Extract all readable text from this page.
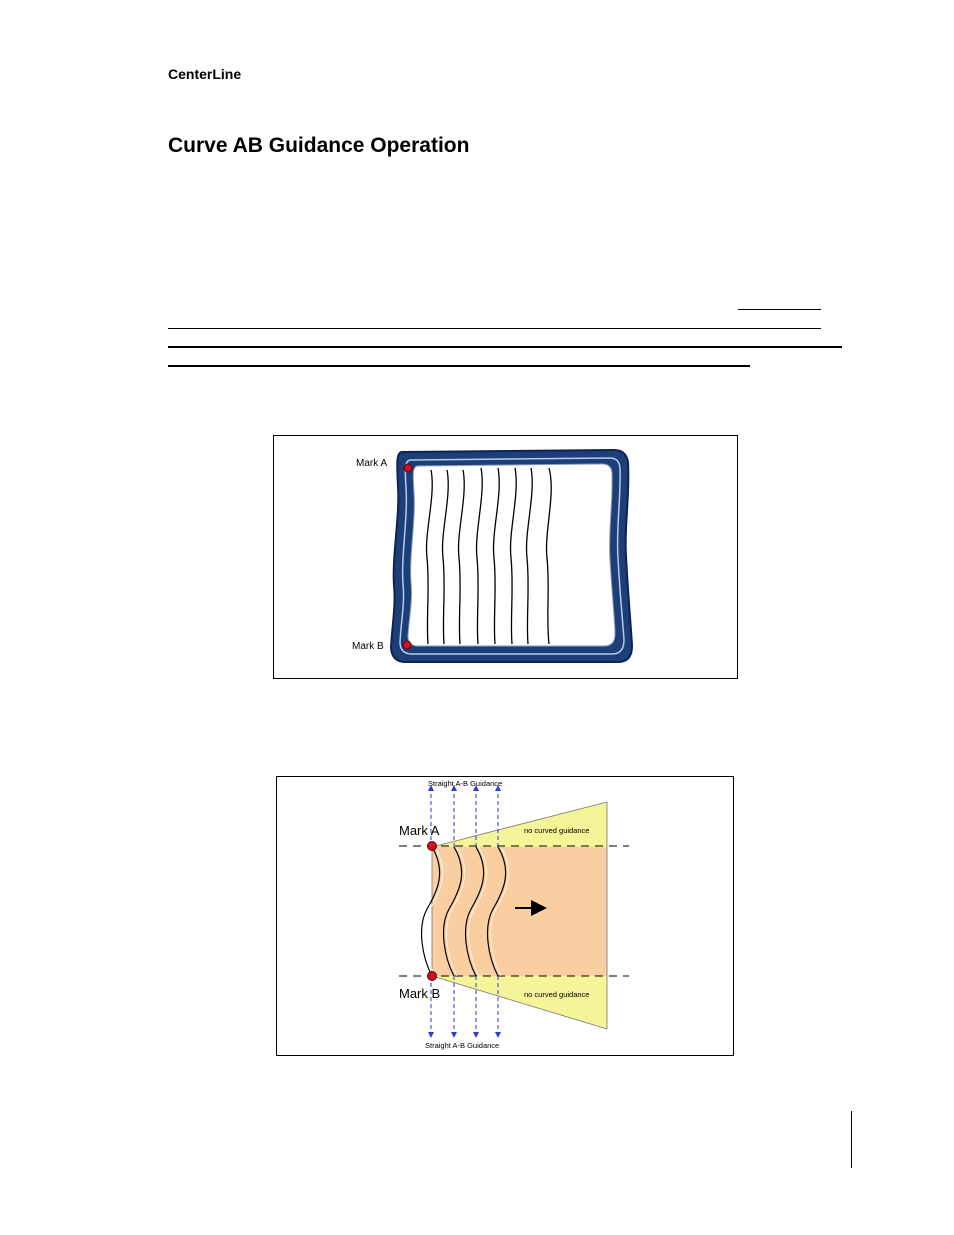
CenterLine
Curve AB Guidance Operation
Mark A
Mark B
Straight A-B Guidance
Straight A-B Guidance
Mark A
Mark B
no curved guidance
no curved guidance
